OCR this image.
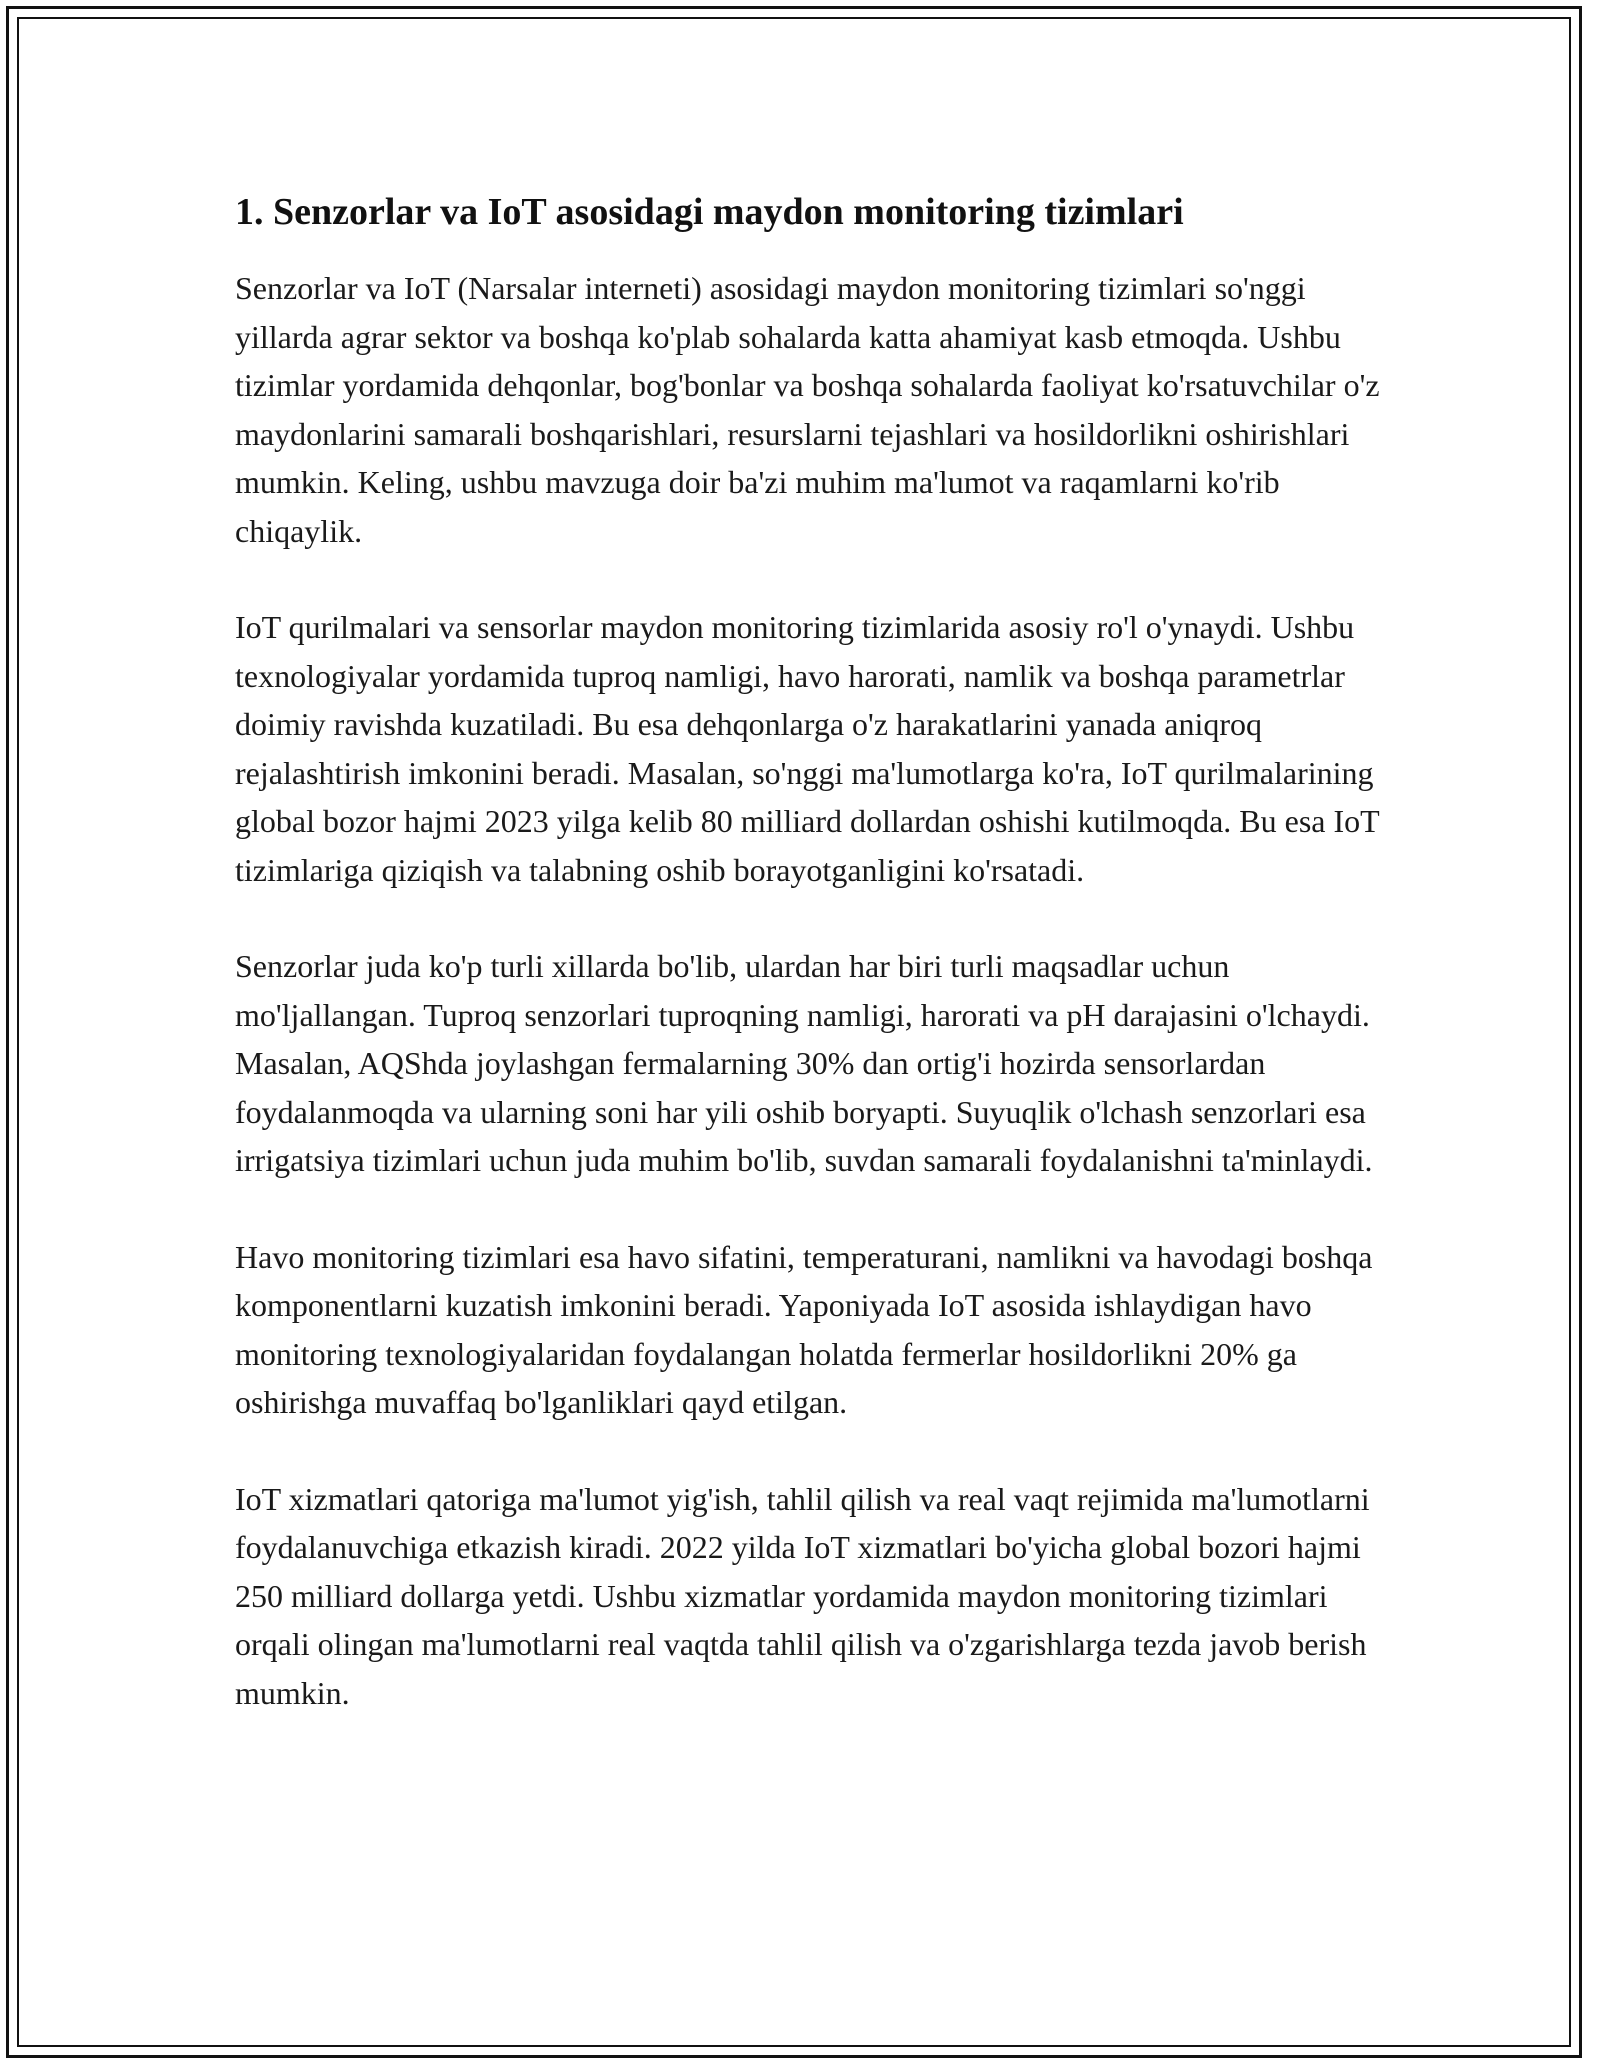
1. Senzorlar va IoT asosidagi maydon monitoring tizimlari

Senzorlar va IoT (Narsalar interneti) asosidagi maydon monitoring tizimlari so'nggi yillarda agrar sektor va boshqa ko'plab sohalarda katta ahamiyat kasb etmoqda. Ushbu tizimlar yordamida dehqonlar, bog'bonlar va boshqa sohalarda faoliyat ko'rsatuvchilar o'z maydonlarini samarali boshqarishlari, resurslarni tejashlari va hosildorlikni oshirishlari mumkin. Keling, ushbu mavzuga doir ba'zi muhim ma'lumot va raqamlarni ko'rib chiqaylik.

IoT qurilmalari va sensorlar maydon monitoring tizimlarida asosiy ro'l o'ynaydi. Ushbu texnologiyalar yordamida tuproq namligi, havo harorati, namlik va boshqa parametrlar doimiy ravishda kuzatiladi. Bu esa dehqonlarga o'z harakatlarini yanada aniqroq rejalashtirish imkonini beradi. Masalan, so'nggi ma'lumotlarga ko'ra, IoT qurilmalarining global bozor hajmi 2023 yilga kelib 80 milliard dollardan oshishi kutilmoqda. Bu esa IoT tizimlariga qiziqish va talabning oshib borayotganligini ko'rsatadi.

Senzorlar juda ko'p turli xillarda bo'lib, ulardan har biri turli maqsadlar uchun mo'ljallangan. Tuproq senzorlari tuproqning namligi, harorati va pH darajasini o'lchaydi. Masalan, AQShda joylashgan fermalarning 30% dan ortig'i hozirda sensorlardan foydalanmoqda va ularning soni har yili oshib boryapti. Suyuqlik o'lchash senzorlari esa irrigatsiya tizimlari uchun juda muhim bo'lib, suvdan samarali foydalanishni ta'minlaydi.

Havo monitoring tizimlari esa havo sifatini, temperaturani, namlikni va havodagi boshqa komponentlarni kuzatish imkonini beradi. Yaponiyada IoT asosida ishlaydigan havo monitoring texnologiyalaridan foydalangan holatda fermerlar hosildorlikni 20% ga oshirishga muvaffaq bo'lganliklari qayd etilgan.

IoT xizmatlari qatoriga ma'lumot yig'ish, tahlil qilish va real vaqt rejimida ma'lumotlarni foydalanuvchiga etkazish kiradi. 2022 yilda IoT xizmatlari bo'yicha global bozori hajmi 250 milliard dollarga yetdi. Ushbu xizmatlar yordamida maydon monitoring tizimlari orqali olingan ma'lumotlarni real vaqtda tahlil qilish va o'zgarishlarga tezda javob berish mumkin.
